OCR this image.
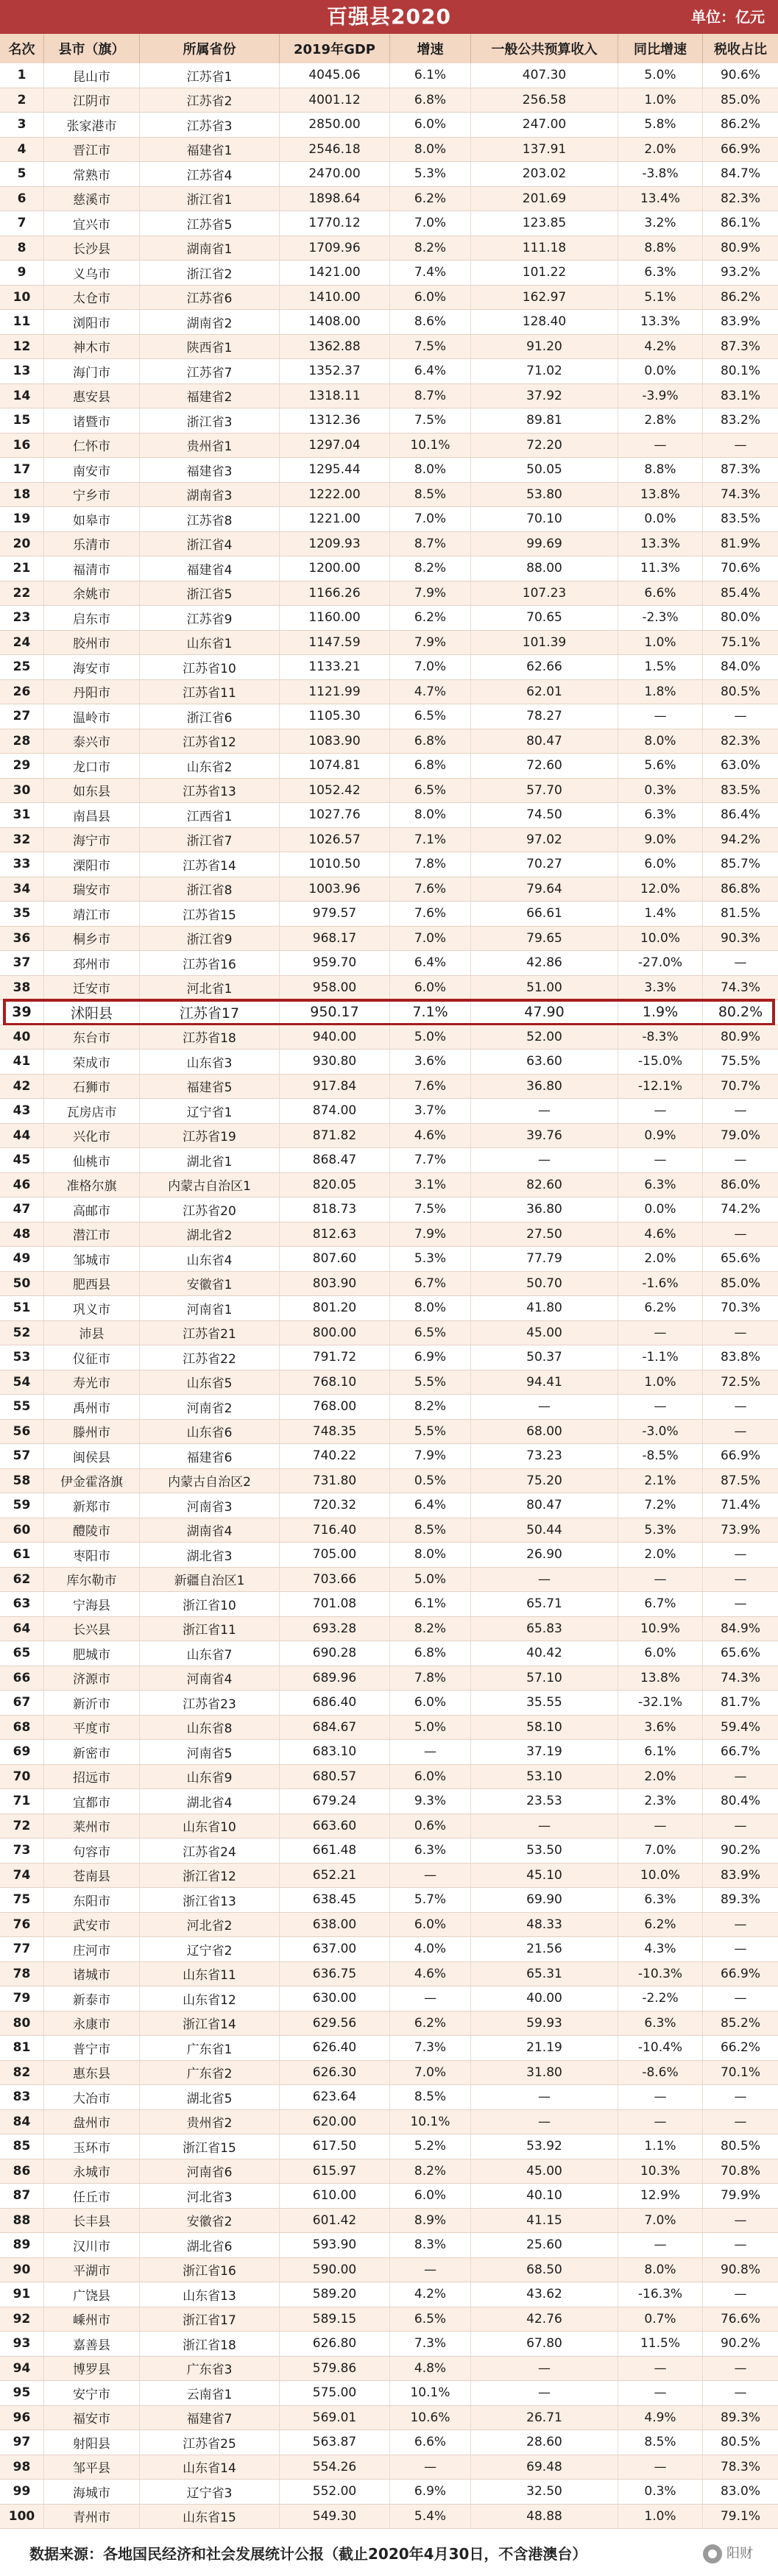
百强县2020	单位：亿元
名次	县市（旗）	所属省份	2019年GDP	增速	一般公共预算收入	同比增速	税收占比
1	昆山市	江苏省1	4045.06	6.1%	407.30	5.0%	90.6%
2	江阴市	江苏省2	4001.12	6.8%	256.58	1.0%	85.0%
3	张家港市	江苏省3	2850.00	6.0%	247.00	5.8%	86.2%
4	晋江市	福建省1	2546.18	8.0%	137.91	2.0%	66.9%
5	常熟市	江苏省4	2470.00	5.3%	203.02	-3.8%	84.7%
6	慈溪市	浙江省1	1898.64	6.2%	201.69	13.4%	82.3%
7	宜兴市	江苏省5	1770.12	7.0%	123.85	3.2%	86.1%
8	长沙县	湖南省1	1709.96	8.2%	111.18	8.8%	80.9%
9	义乌市	浙江省2	1421.00	7.4%	101.22	6.3%	93.2%
10	太仓市	江苏省6	1410.00	6.0%	162.97	5.1%	86.2%
11	浏阳市	湖南省2	1408.00	8.6%	128.40	13.3%	83.9%
12	神木市	陕西省1	1362.88	7.5%	91.20	4.2%	87.3%
13	海门市	江苏省7	1352.37	6.4%	71.02	0.0%	80.1%
14	惠安县	福建省2	1318.11	8.7%	37.92	-3.9%	83.1%
15	诸暨市	浙江省3	1312.36	7.5%	89.81	2.8%	83.2%
16	仁怀市	贵州省1	1297.04	10.1%	72.20	—	—
17	南安市	福建省3	1295.44	8.0%	50.05	8.8%	87.3%
18	宁乡市	湖南省3	1222.00	8.5%	53.80	13.8%	74.3%
19	如皋市	江苏省8	1221.00	7.0%	70.10	0.0%	83.5%
20	乐清市	浙江省4	1209.93	8.7%	99.69	13.3%	81.9%
21	福清市	福建省4	1200.00	8.2%	88.00	11.3%	70.6%
22	余姚市	浙江省5	1166.26	7.9%	107.23	6.6%	85.4%
23	启东市	江苏省9	1160.00	6.2%	70.65	-2.3%	80.0%
24	胶州市	山东省1	1147.59	7.9%	101.39	1.0%	75.1%
25	海安市	江苏省10	1133.21	7.0%	62.66	1.5%	84.0%
26	丹阳市	江苏省11	1121.99	4.7%	62.01	1.8%	80.5%
27	温岭市	浙江省6	1105.30	6.5%	78.27	—	—
28	泰兴市	江苏省12	1083.90	6.8%	80.47	8.0%	82.3%
29	龙口市	山东省2	1074.81	6.8%	72.60	5.6%	63.0%
30	如东县	江苏省13	1052.42	6.5%	57.70	0.3%	83.5%
31	南昌县	江西省1	1027.76	8.0%	74.50	6.3%	86.4%
32	海宁市	浙江省7	1026.57	7.1%	97.02	9.0%	94.2%
33	溧阳市	江苏省14	1010.50	7.8%	70.27	6.0%	85.7%
34	瑞安市	浙江省8	1003.96	7.6%	79.64	12.0%	86.8%
35	靖江市	江苏省15	979.57	7.6%	66.61	1.4%	81.5%
36	桐乡市	浙江省9	968.17	7.0%	79.65	10.0%	90.3%
37	邳州市	江苏省16	959.70	6.4%	42.86	-27.0%	—
38	迁安市	河北省1	958.00	6.0%	51.00	3.3%	74.3%
39	沭阳县	江苏省17	950.17	7.1%	47.90	1.9%	80.2%
40	东台市	江苏省18	940.00	5.0%	52.00	-8.3%	80.9%
41	荣成市	山东省3	930.80	3.6%	63.60	-15.0%	75.5%
42	石狮市	福建省5	917.84	7.6%	36.80	-12.1%	70.7%
43	瓦房店市	辽宁省1	874.00	3.7%	—	—	—
44	兴化市	江苏省19	871.82	4.6%	39.76	0.9%	79.0%
45	仙桃市	湖北省1	868.47	7.7%	—	—	—
46	准格尔旗	内蒙古自治区1	820.05	3.1%	82.60	6.3%	86.0%
47	高邮市	江苏省20	818.73	7.5%	36.80	0.0%	74.2%
48	潜江市	湖北省2	812.63	7.9%	27.50	4.6%	—
49	邹城市	山东省4	807.60	5.3%	77.79	2.0%	65.6%
50	肥西县	安徽省1	803.90	6.7%	50.70	-1.6%	85.0%
51	巩义市	河南省1	801.20	8.0%	41.80	6.2%	70.3%
52	沛县	江苏省21	800.00	6.5%	45.00	—	—
53	仪征市	江苏省22	791.72	6.9%	50.37	-1.1%	83.8%
54	寿光市	山东省5	768.10	5.5%	94.41	1.0%	72.5%
55	禹州市	河南省2	768.00	8.2%	—	—	—
56	滕州市	山东省6	748.35	5.5%	68.00	-3.0%	—
57	闽侯县	福建省6	740.22	7.9%	73.23	-8.5%	66.9%
58	伊金霍洛旗	内蒙古自治区2	731.80	0.5%	75.20	2.1%	87.5%
59	新郑市	河南省3	720.32	6.4%	80.47	7.2%	71.4%
60	醴陵市	湖南省4	716.40	8.5%	50.44	5.3%	73.9%
61	枣阳市	湖北省3	705.00	8.0%	26.90	2.0%	—
62	库尔勒市	新疆自治区1	703.66	5.0%	—	—	—
63	宁海县	浙江省10	701.08	6.1%	65.71	6.7%	—
64	长兴县	浙江省11	693.28	8.2%	65.83	10.9%	84.9%
65	肥城市	山东省7	690.28	6.8%	40.42	6.0%	65.6%
66	济源市	河南省4	689.96	7.8%	57.10	13.8%	74.3%
67	新沂市	江苏省23	686.40	6.0%	35.55	-32.1%	81.7%
68	平度市	山东省8	684.67	5.0%	58.10	3.6%	59.4%
69	新密市	河南省5	683.10	—	37.19	6.1%	66.7%
70	招远市	山东省9	680.57	6.0%	53.10	2.0%	—
71	宜都市	湖北省4	679.24	9.3%	23.53	2.3%	80.4%
72	莱州市	山东省10	663.60	0.6%	—	—	—
73	句容市	江苏省24	661.48	6.3%	53.50	7.0%	90.2%
74	苍南县	浙江省12	652.21	—	45.10	10.0%	83.9%
75	东阳市	浙江省13	638.45	5.7%	69.90	6.3%	89.3%
76	武安市	河北省2	638.00	6.0%	48.33	6.2%	—
77	庄河市	辽宁省2	637.00	4.0%	21.56	4.3%	—
78	诸城市	山东省11	636.75	4.6%	65.31	-10.3%	66.9%
79	新泰市	山东省12	630.00	—	40.00	-2.2%	—
80	永康市	浙江省14	629.56	6.2%	59.93	6.3%	85.2%
81	普宁市	广东省1	626.40	7.3%	21.19	-10.4%	66.2%
82	惠东县	广东省2	626.30	7.0%	31.80	-8.6%	70.1%
83	大冶市	湖北省5	623.64	8.5%	—	—	—
84	盘州市	贵州省2	620.00	10.1%	—	—	—
85	玉环市	浙江省15	617.50	5.2%	53.92	1.1%	80.5%
86	永城市	河南省6	615.97	8.2%	45.00	10.3%	70.8%
87	任丘市	河北省3	610.00	6.0%	40.10	12.9%	79.9%
88	长丰县	安徽省2	601.42	8.9%	41.15	7.0%	—
89	汉川市	湖北省6	593.90	8.3%	25.60	—	—
90	平湖市	浙江省16	590.00	—	68.50	8.0%	90.8%
91	广饶县	山东省13	589.20	4.2%	43.62	-16.3%	—
92	嵊州市	浙江省17	589.15	6.5%	42.76	0.7%	76.6%
93	嘉善县	浙江省18	626.80	7.3%	67.80	11.5%	90.2%
94	博罗县	广东省3	579.86	4.8%	—	—	—
95	安宁市	云南省1	575.00	10.1%	—	—	—
96	福安市	福建省7	569.01	10.6%	26.71	4.9%	89.3%
97	射阳县	江苏省25	563.87	6.6%	28.60	8.5%	80.5%
98	邹平县	山东省14	554.26	—	69.48	—	78.3%
99	海城市	辽宁省3	552.00	6.9%	32.50	0.3%	83.0%
100	青州市	山东省15	549.30	5.4%	48.88	1.0%	79.1%
数据来源：各地国民经济和社会发展统计公报（截止2020年4月30日，不含港澳台）	阳财
